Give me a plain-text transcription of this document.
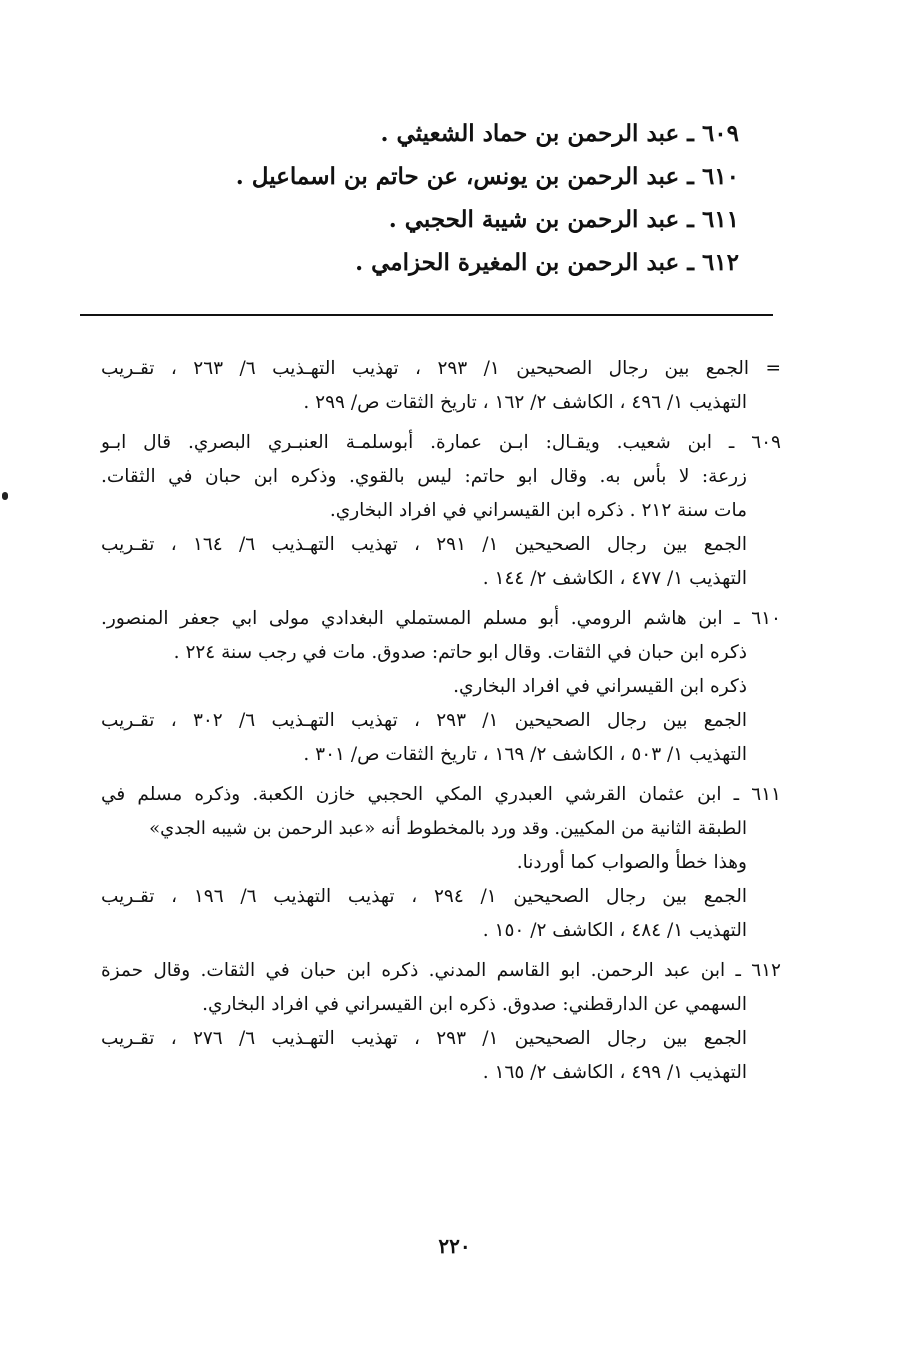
٦٠٩ ـ عبد الرحمن بن حماد الشعيثي .
٦١٠ ـ عبد الرحمن بن يونس، عن حاتم بن اسماعيل .
٦١١ ـ عبد الرحمن بن شيبة الحجبي .
٦١٢ ـ عبد الرحمن بن المغيرة الحزامي .
= الجمع بين رجال الصحيحين ١/ ٢٩٣ ، تهذيب التهـذيب ٦/ ٢٦٣ ، تقـريب
التهذيب ١/ ٤٩٦ ، الكاشف ٢/ ١٦٢ ، تاريخ الثقات ص/ ٢٩٩ .
٦٠٩ ـ ابن شعيب. ويقـال: ابـن عمارة. أبوسلمـة العنبـري البصري. قال ابـو
زرعة: لا بأس به. وقال ابو حاتم: ليس بالقوي. وذكره ابن حبان في الثقات.
مات سنة ٢١٢ . ذكره ابن القيسراني في افراد البخاري.
الجمع بين رجال الصحيحين ١/ ٢٩١ ، تهذيب التهـذيب ٦/ ١٦٤ ، تقـريب
التهذيب ١/ ٤٧٧ ، الكاشف ٢/ ١٤٤ .
٦١٠ ـ ابن هاشم الرومي. أبو مسلم المستملي البغدادي مولى ابي جعفر المنصور.
ذكره ابن حبان في الثقات. وقال ابو حاتم: صدوق. مات في رجب سنة ٢٢٤ .
ذكره ابن القيسراني في افراد البخاري.
الجمع بين رجال الصحيحين ١/ ٢٩٣ ، تهذيب التهـذيب ٦/ ٣٠٢ ، تقـريب
التهذيب ١/ ٥٠٣ ، الكاشف ٢/ ١٦٩ ، تاريخ الثقات ص/ ٣٠١ .
٦١١ ـ ابن عثمان القرشي العبدري المكي الحجبي خازن الكعبة. وذكره مسلم في
الطبقة الثانية من المكيين. وقد ورد بالمخطوط أنه «عبد الرحمن بن شيبه الجدي»
وهذا خطأ والصواب كما أوردنا.
الجمع بين رجال الصحيحين ١/ ٢٩٤ ، تهذيب التهذيب ٦/ ١٩٦ ، تقـريب
التهذيب ١/ ٤٨٤ ، الكاشف ٢/ ١٥٠ .
٦١٢ ـ ابن عبد الرحمن. ابو القاسم المدني. ذكره ابن حبان في الثقات. وقال حمزة
السهمي عن الدارقطني: صدوق. ذكره ابن القيسراني في افراد البخاري.
الجمع بين رجال الصحيحين ١/ ٢٩٣ ، تهذيب التهـذيب ٦/ ٢٧٦ ، تقـريب
التهذيب ١/ ٤٩٩ ، الكاشف ٢/ ١٦٥ .
٢٢٠
